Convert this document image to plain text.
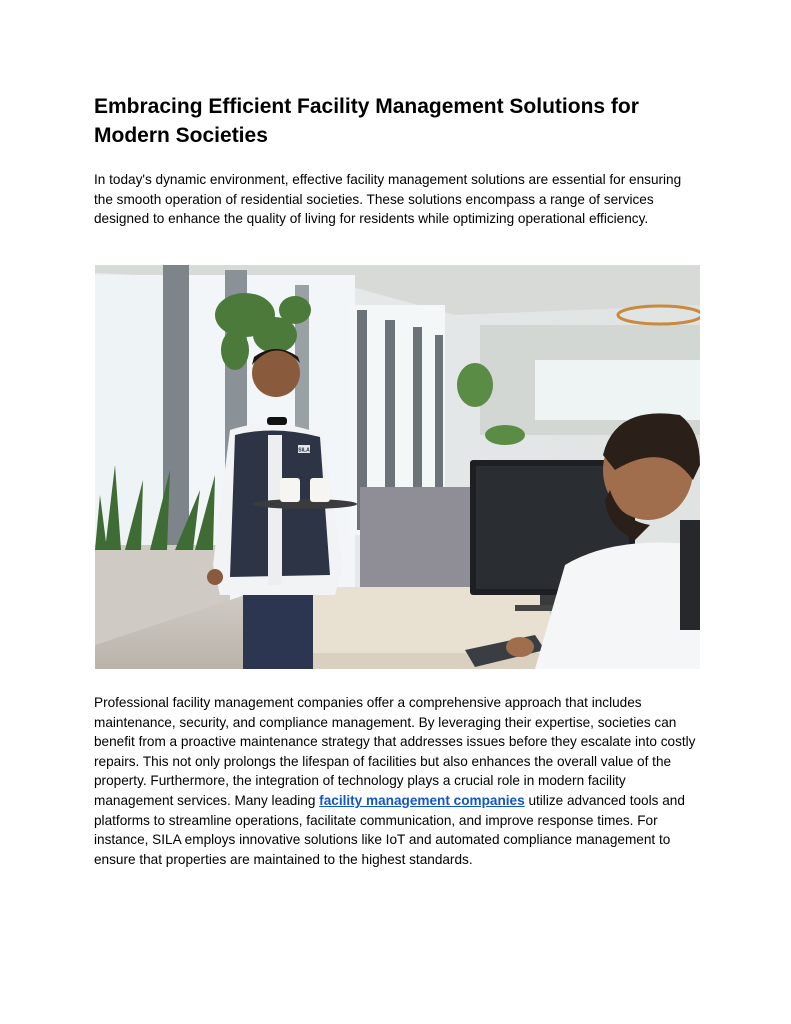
Embracing Efficient Facility Management Solutions for Modern Societies

In today's dynamic environment, effective facility management solutions are essential for ensuring the smooth operation of residential societies. These solutions encompass a range of services designed to enhance the quality of living for residents while optimizing operational efficiency.

SILA

Professional facility management companies offer a comprehensive approach that includes maintenance, security, and compliance management. By leveraging their expertise, societies can benefit from a proactive maintenance strategy that addresses issues before they escalate into costly repairs. This not only prolongs the lifespan of facilities but also enhances the overall value of the property. Furthermore, the integration of technology plays a crucial role in modern facility management services. Many leading facility management companies utilize advanced tools and platforms to streamline operations, facilitate communication, and improve response times. For instance, SILA employs innovative solutions like IoT and automated compliance management to ensure that properties are maintained to the highest standards.
